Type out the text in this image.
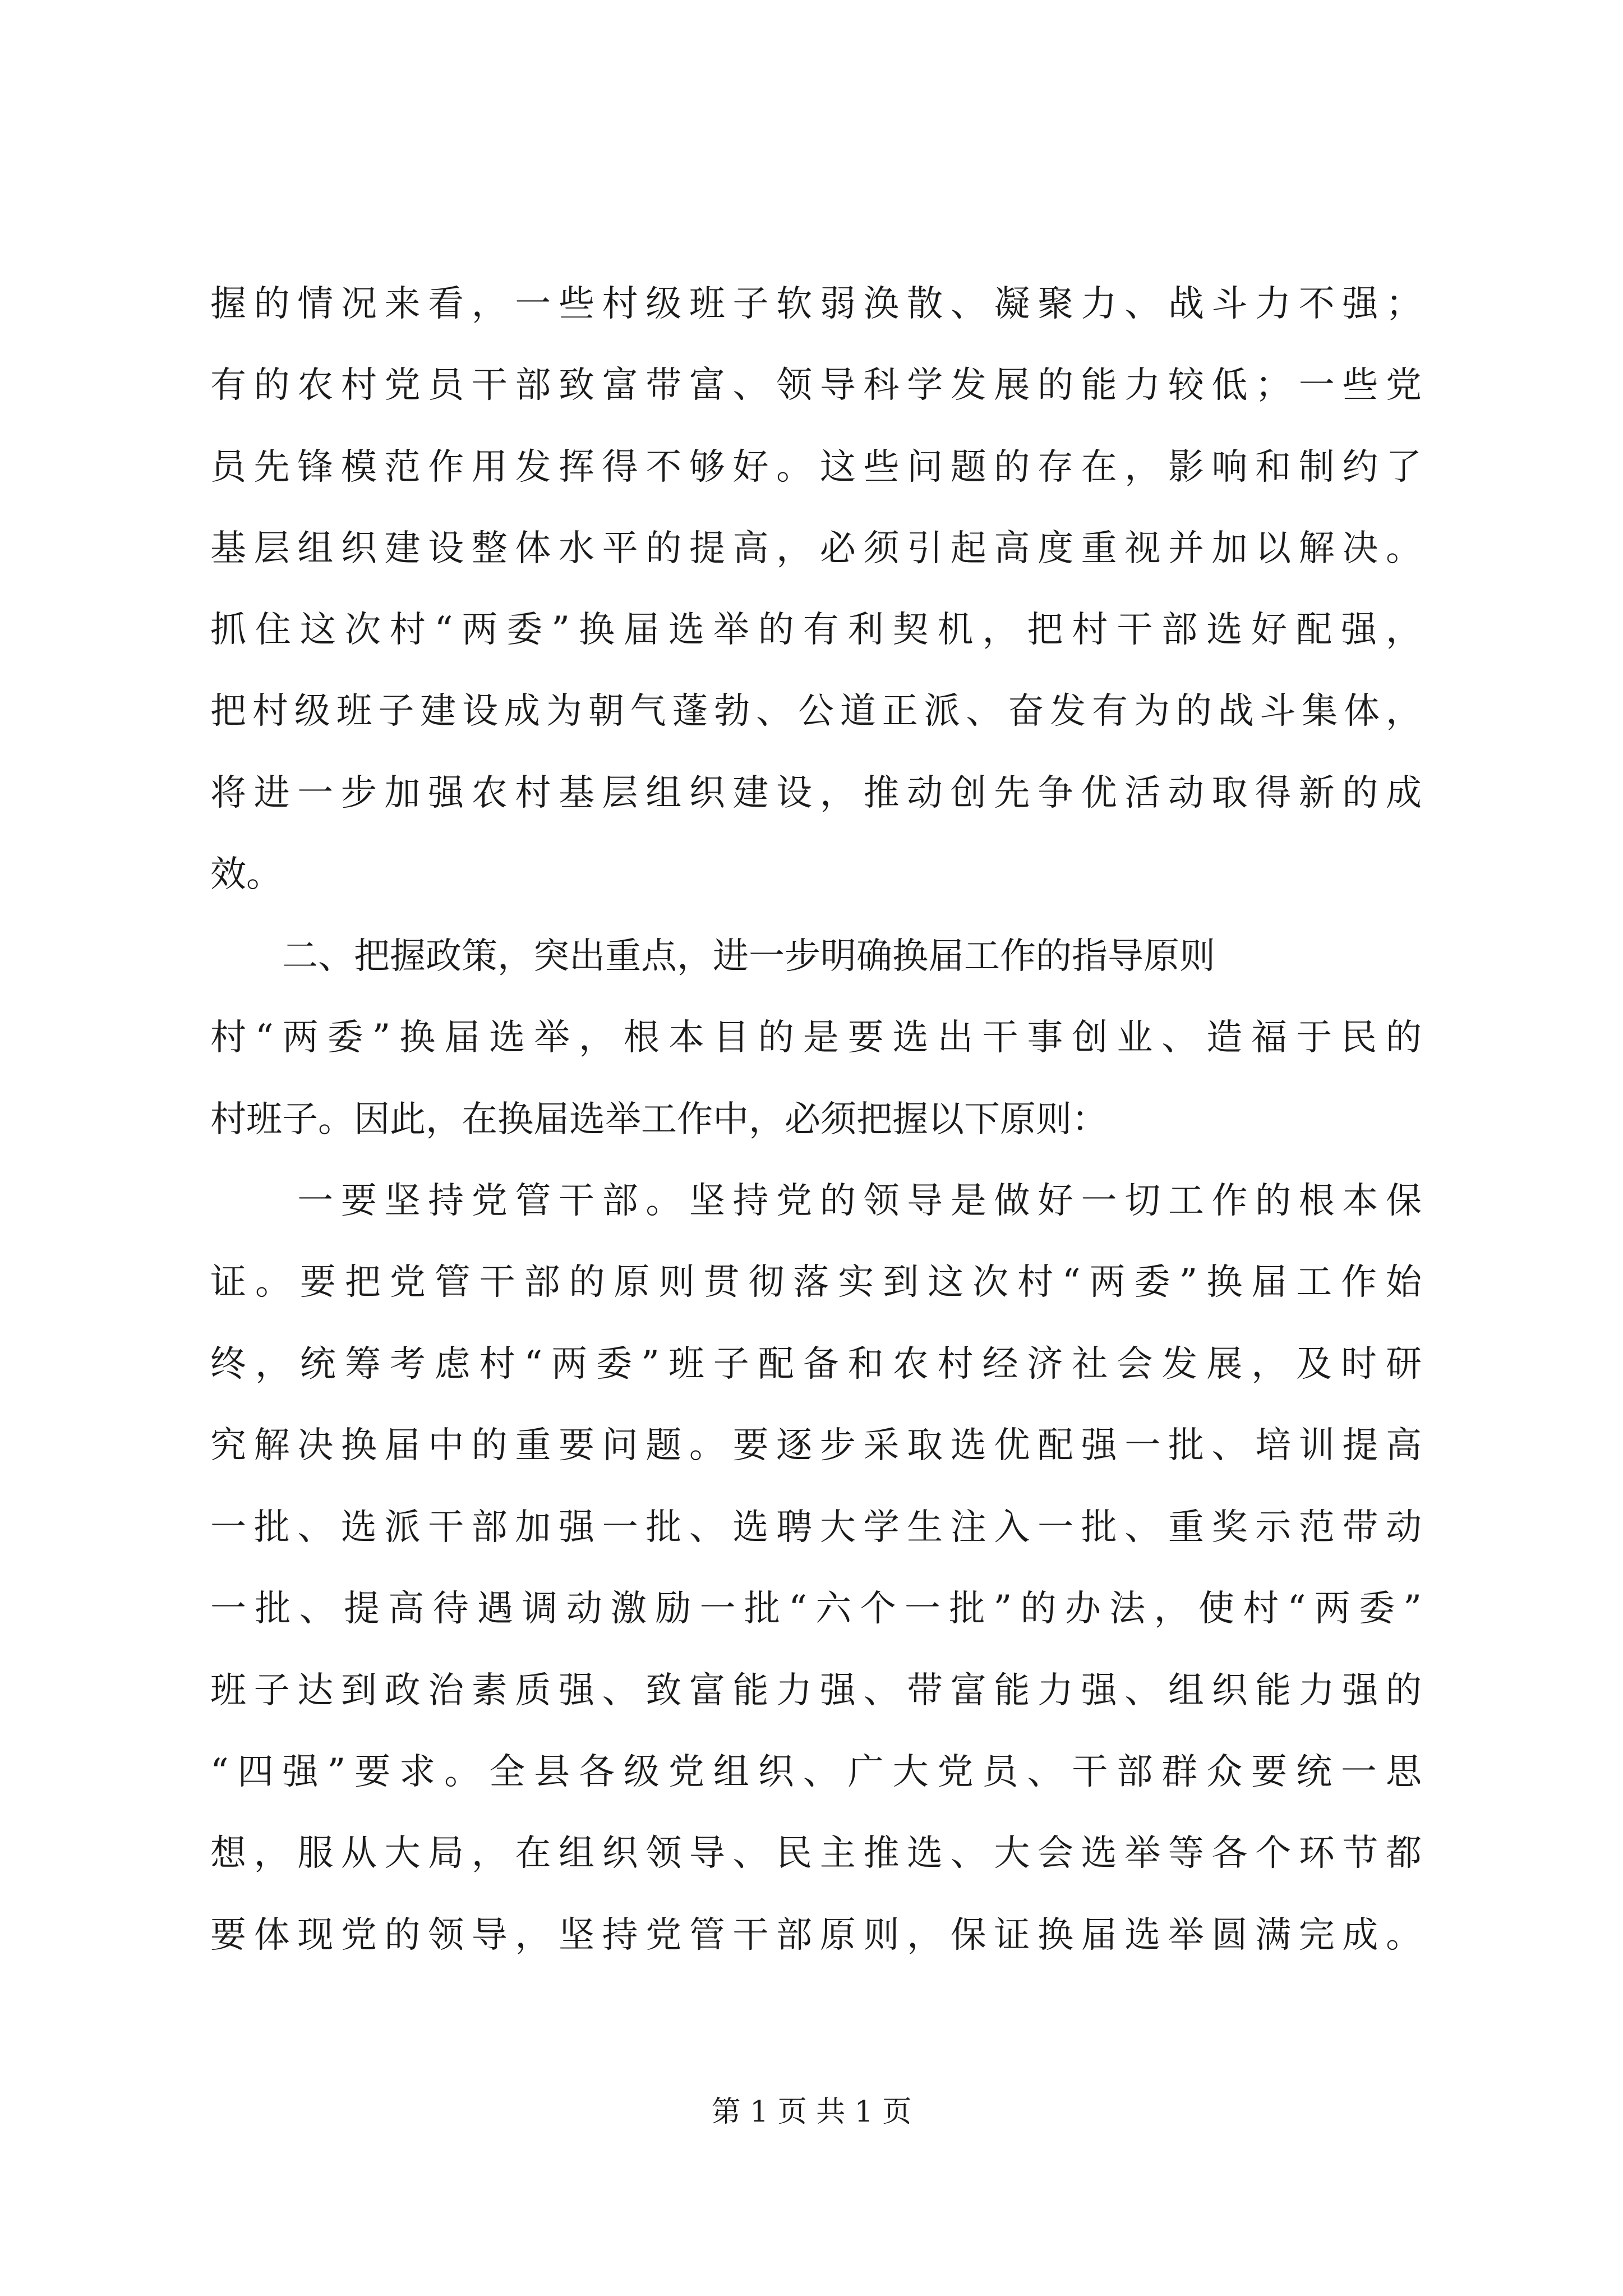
握的情况来看，一些村级班子软弱涣散、凝聚力、战斗力不强；
有的农村党员干部致富带富、领导科学发展的能力较低；一些党
员先锋模范作用发挥得不够好。这些问题的存在，影响和制约了
基层组织建设整体水平的提高，必须引起高度重视并加以解决。
抓住这次村“两委”换届选举的有利契机，把村干部选好配强，
把村级班子建设成为朝气蓬勃、公道正派、奋发有为的战斗集体，
将进一步加强农村基层组织建设，推动创先争优活动取得新的成
效。
　　二、把握政策，突出重点，进一步明确换届工作的指导原则
村“两委”换届选举，根本目的是要选出干事创业、造福于民的
村班子。因此，在换届选举工作中，必须把握以下原则：
　　一要坚持党管干部。坚持党的领导是做好一切工作的根本保
证。要把党管干部的原则贯彻落实到这次村“两委”换届工作始
终，统筹考虑村“两委”班子配备和农村经济社会发展，及时研
究解决换届中的重要问题。要逐步采取选优配强一批、培训提高
一批、选派干部加强一批、选聘大学生注入一批、重奖示范带动
一批、提高待遇调动激励一批“六个一批”的办法，使村“两委”
班子达到政治素质强、致富能力强、带富能力强、组织能力强的
“四强”要求。全县各级党组织、广大党员、干部群众要统一思
想，服从大局，在组织领导、民主推选、大会选举等各个环节都
要体现党的领导，坚持党管干部原则，保证换届选举圆满完成。
第 1 页 共 1 页
